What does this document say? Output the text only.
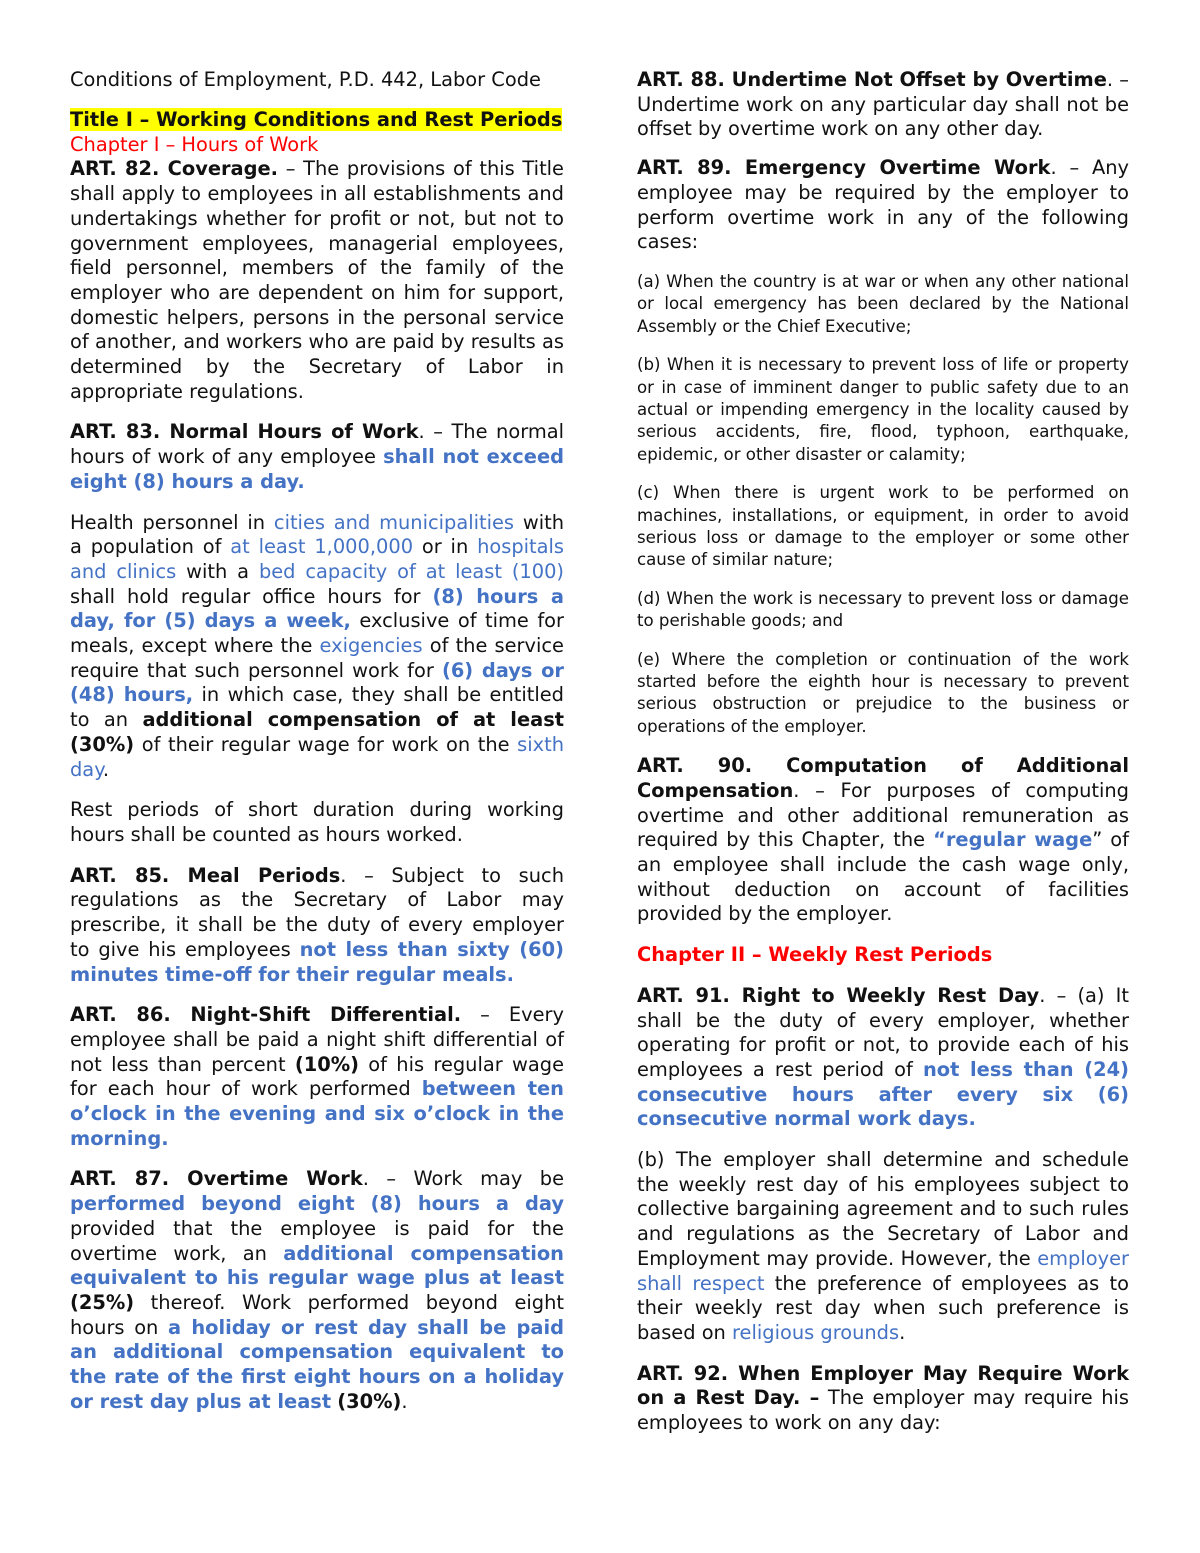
Conditions of Employment, P.D. 442, Labor Code

Title I – Working Conditions and Rest Periods

Chapter I – Hours of Work

ART. 82. Coverage. – The provisions of this Title shall apply to employees in all establishments and undertakings whether for profit or not, but not to government employees, managerial employees, field personnel, members of the family of the employer who are dependent on him for support, domestic helpers, persons in the personal service of another, and workers who are paid by results as determined by the Secretary of Labor in appropriate regulations.

ART. 83. Normal Hours of Work. – The normal hours of work of any employee shall not exceed eight (8) hours a day.

Health personnel in cities and municipalities with a population of at least 1,000,000 or in hospitals and clinics with a bed capacity of at least (100) shall hold regular office hours for (8) hours a day, for (5) days a week, exclusive of time for meals, except where the exigencies of the service require that such personnel work for (6) days or (48) hours, in which case, they shall be entitled to an additional compensation of at least (30%) of their regular wage for work on the sixth day.

Rest periods of short duration during working hours shall be counted as hours worked.

ART. 85. Meal Periods. – Subject to such regulations as the Secretary of Labor may prescribe, it shall be the duty of every employer to give his employees not less than sixty (60) minutes time-off for their regular meals.

ART. 86. Night-Shift Differential. – Every employee shall be paid a night shift differential of not less than percent (10%) of his regular wage for each hour of work performed between ten o’clock in the evening and six o’clock in the morning.

ART. 87. Overtime Work. – Work may be performed beyond eight (8) hours a day provided that the employee is paid for the overtime work, an additional compensation equivalent to his regular wage plus at least (25%) thereof. Work performed beyond eight hours on a holiday or rest day shall be paid an additional compensation equivalent to the rate of the first eight hours on a holiday or rest day plus at least (30%).

ART. 88. Undertime Not Offset by Overtime. – Undertime work on any particular day shall not be offset by overtime work on any other day.

ART. 89. Emergency Overtime Work. – Any employee may be required by the employer to perform overtime work in any of the following cases:

(a) When the country is at war or when any other national or local emergency has been declared by the National Assembly or the Chief Executive;

(b) When it is necessary to prevent loss of life or property or in case of imminent danger to public safety due to an actual or impending emergency in the locality caused by serious accidents, fire, flood, typhoon, earthquake, epidemic, or other disaster or calamity;

(c) When there is urgent work to be performed on machines, installations, or equipment, in order to avoid serious loss or damage to the employer or some other cause of similar nature;

(d) When the work is necessary to prevent loss or damage to perishable goods; and

(e) Where the completion or continuation of the work started before the eighth hour is necessary to prevent serious obstruction or prejudice to the business or operations of the employer.

ART. 90. Computation of Additional Compensation. – For purposes of computing overtime and other additional remuneration as required by this Chapter, the “regular wage” of an employee shall include the cash wage only, without deduction on account of facilities provided by the employer.

Chapter II – Weekly Rest Periods

ART. 91. Right to Weekly Rest Day. – (a) It shall be the duty of every employer, whether operating for profit or not, to provide each of his employees a rest period of not less than (24) consecutive hours after every six (6) consecutive normal work days.

(b) The employer shall determine and schedule the weekly rest day of his employees subject to collective bargaining agreement and to such rules and regulations as the Secretary of Labor and Employment may provide. However, the employer shall respect the preference of employees as to their weekly rest day when such preference is based on religious grounds.

ART. 92. When Employer May Require Work on a Rest Day. – The employer may require his employees to work on any day:
